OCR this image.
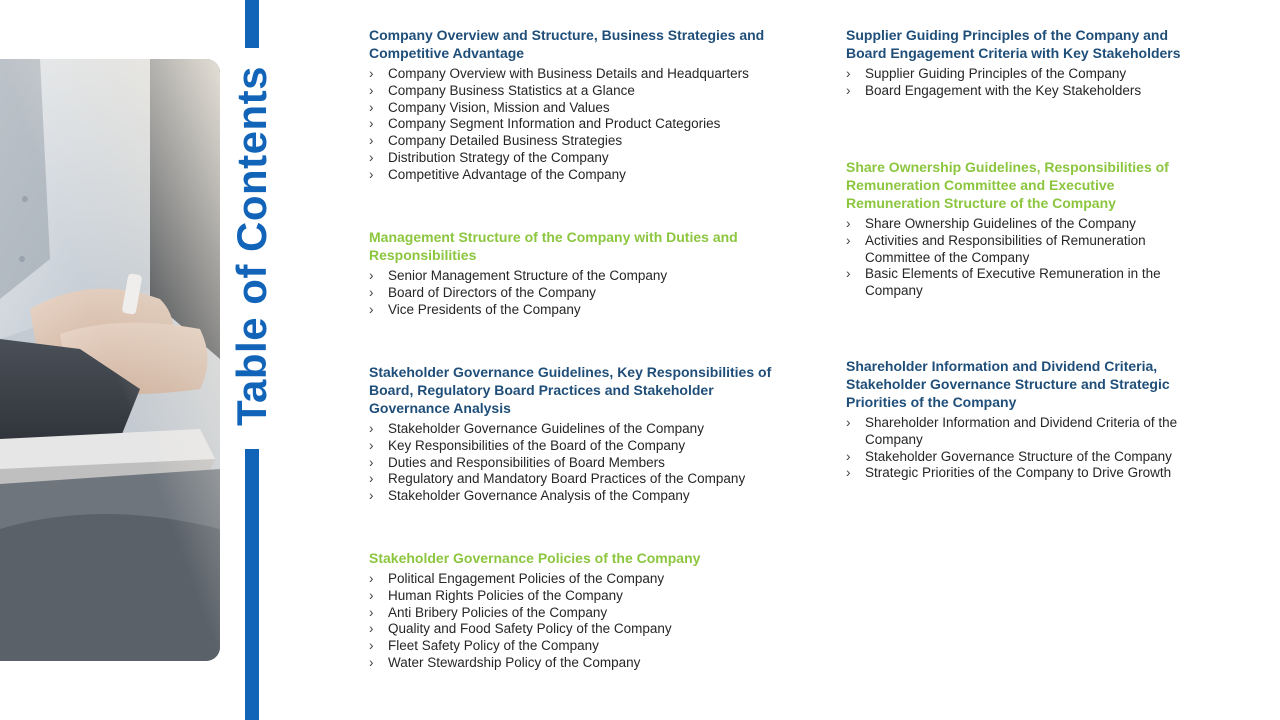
Table of Contents
Company Overview and Structure, Business Strategies and Competitive Advantage
› Company Overview with Business Details and Headquarters
› Company Business Statistics at a Glance
› Company Vision, Mission and Values
› Company Segment Information and Product Categories
› Company Detailed Business Strategies
› Distribution Strategy of the Company
› Competitive Advantage of the Company
Management Structure of the Company with Duties and Responsibilities
› Senior Management Structure of the Company
› Board of Directors of the Company
› Vice Presidents of the Company
Stakeholder Governance Guidelines, Key Responsibilities of Board, Regulatory Board Practices and Stakeholder Governance Analysis
› Stakeholder Governance Guidelines of the Company
› Key Responsibilities of the Board of the Company
› Duties and Responsibilities of Board Members
› Regulatory and Mandatory Board Practices of the Company
› Stakeholder Governance Analysis of the Company
Stakeholder Governance Policies of the Company
› Political Engagement Policies of the Company
› Human Rights Policies of the Company
› Anti Bribery Policies of the Company
› Quality and Food Safety Policy of the Company
› Fleet Safety Policy of the Company
› Water Stewardship Policy of the Company
Supplier Guiding Principles of the Company and Board Engagement Criteria with Key Stakeholders
› Supplier Guiding Principles of the Company
› Board Engagement with the Key Stakeholders
Share Ownership Guidelines, Responsibilities of Remuneration Committee and Executive Remuneration Structure of the Company
› Share Ownership Guidelines of the Company
› Activities and Responsibilities of Remuneration Committee of the Company
› Basic Elements of Executive Remuneration in the Company
Shareholder Information and Dividend Criteria, Stakeholder Governance Structure and Strategic Priorities of the Company
› Shareholder Information and Dividend Criteria of the Company
› Stakeholder Governance Structure of the Company
› Strategic Priorities of the Company to Drive Growth
